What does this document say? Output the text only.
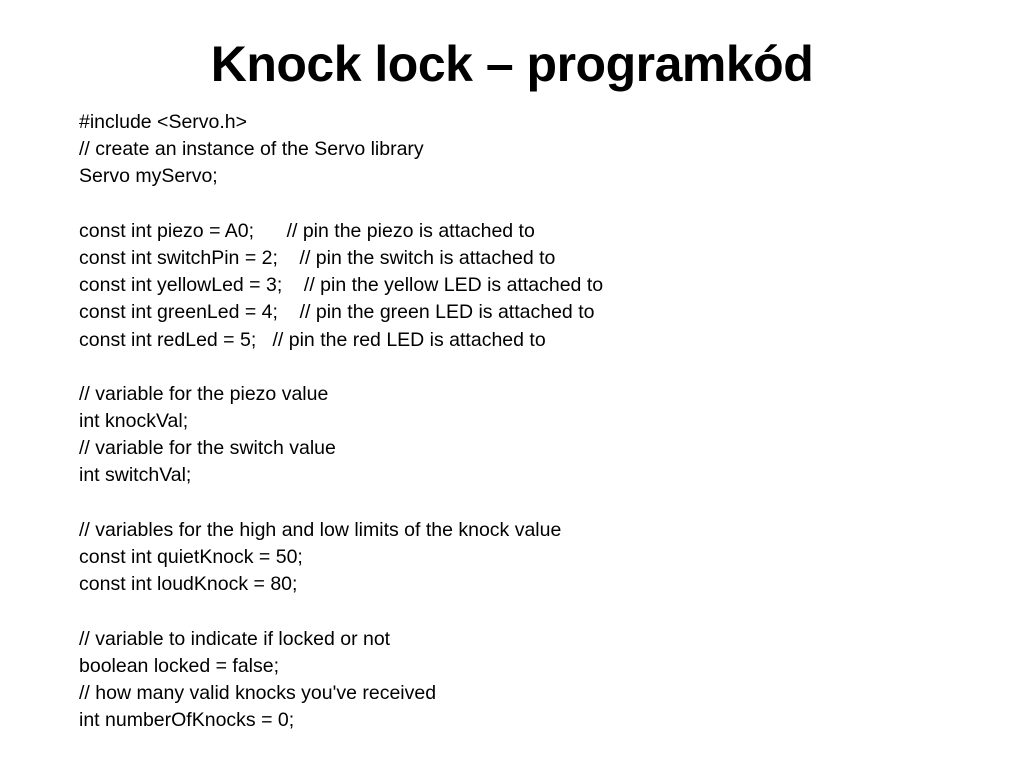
Knock lock – programkód
#include <Servo.h>
// create an instance of the Servo library
Servo myServo;
const int piezo = A0;      // pin the piezo is attached to
const int switchPin = 2;    // pin the switch is attached to
const int yellowLed = 3;    // pin the yellow LED is attached to
const int greenLed = 4;    // pin the green LED is attached to
const int redLed = 5;   // pin the red LED is attached to
// variable for the piezo value
int knockVal;
// variable for the switch value
int switchVal;
// variables for the high and low limits of the knock value
const int quietKnock = 50;
const int loudKnock = 80;
// variable to indicate if locked or not
boolean locked = false;
// how many valid knocks you've received
int numberOfKnocks = 0;
